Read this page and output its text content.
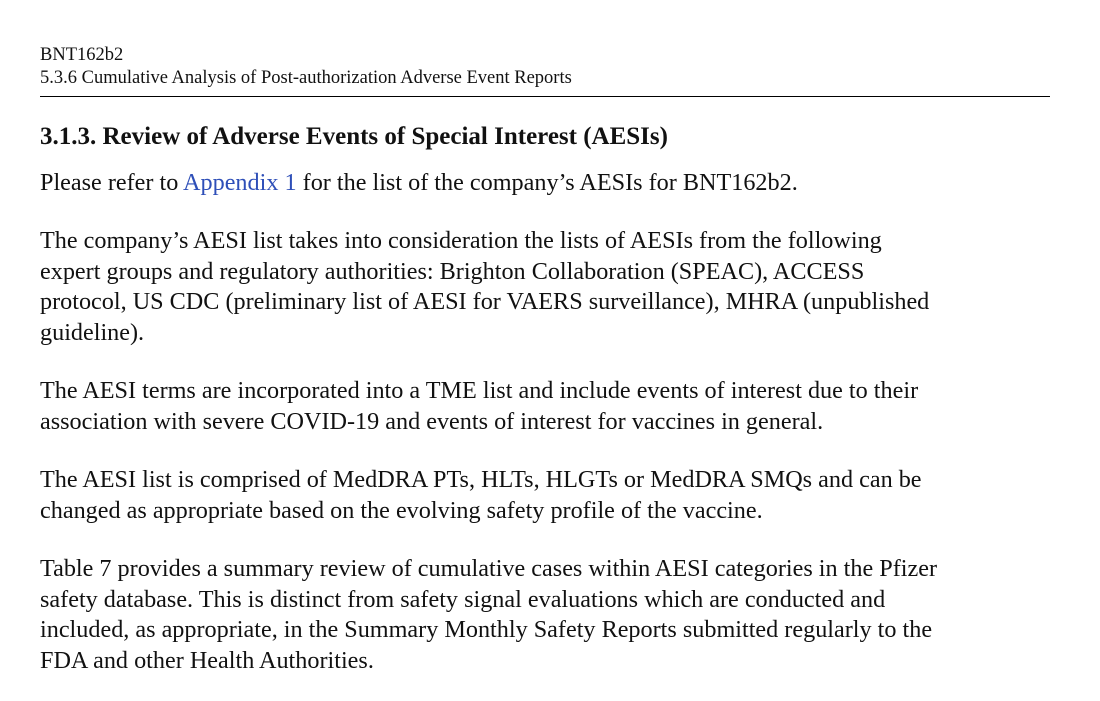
BNT162b2
5.3.6 Cumulative Analysis of Post-authorization Adverse Event Reports
3.1.3. Review of Adverse Events of Special Interest (AESIs)

Please refer to Appendix 1 for the list of the company’s AESIs for BNT162b2.

The company’s AESI list takes into consideration the lists of AESIs from the following
expert groups and regulatory authorities: Brighton Collaboration (SPEAC), ACCESS
protocol, US CDC (preliminary list of AESI for VAERS surveillance), MHRA (unpublished
guideline).

The AESI terms are incorporated into a TME list and include events of interest due to their
association with severe COVID-19 and events of interest for vaccines in general.

The AESI list is comprised of MedDRA PTs, HLTs, HLGTs or MedDRA SMQs and can be
changed as appropriate based on the evolving safety profile of the vaccine.

Table 7 provides a summary review of cumulative cases within AESI categories in the Pfizer
safety database. This is distinct from safety signal evaluations which are conducted and
included, as appropriate, in the Summary Monthly Safety Reports submitted regularly to the
FDA and other Health Authorities.
